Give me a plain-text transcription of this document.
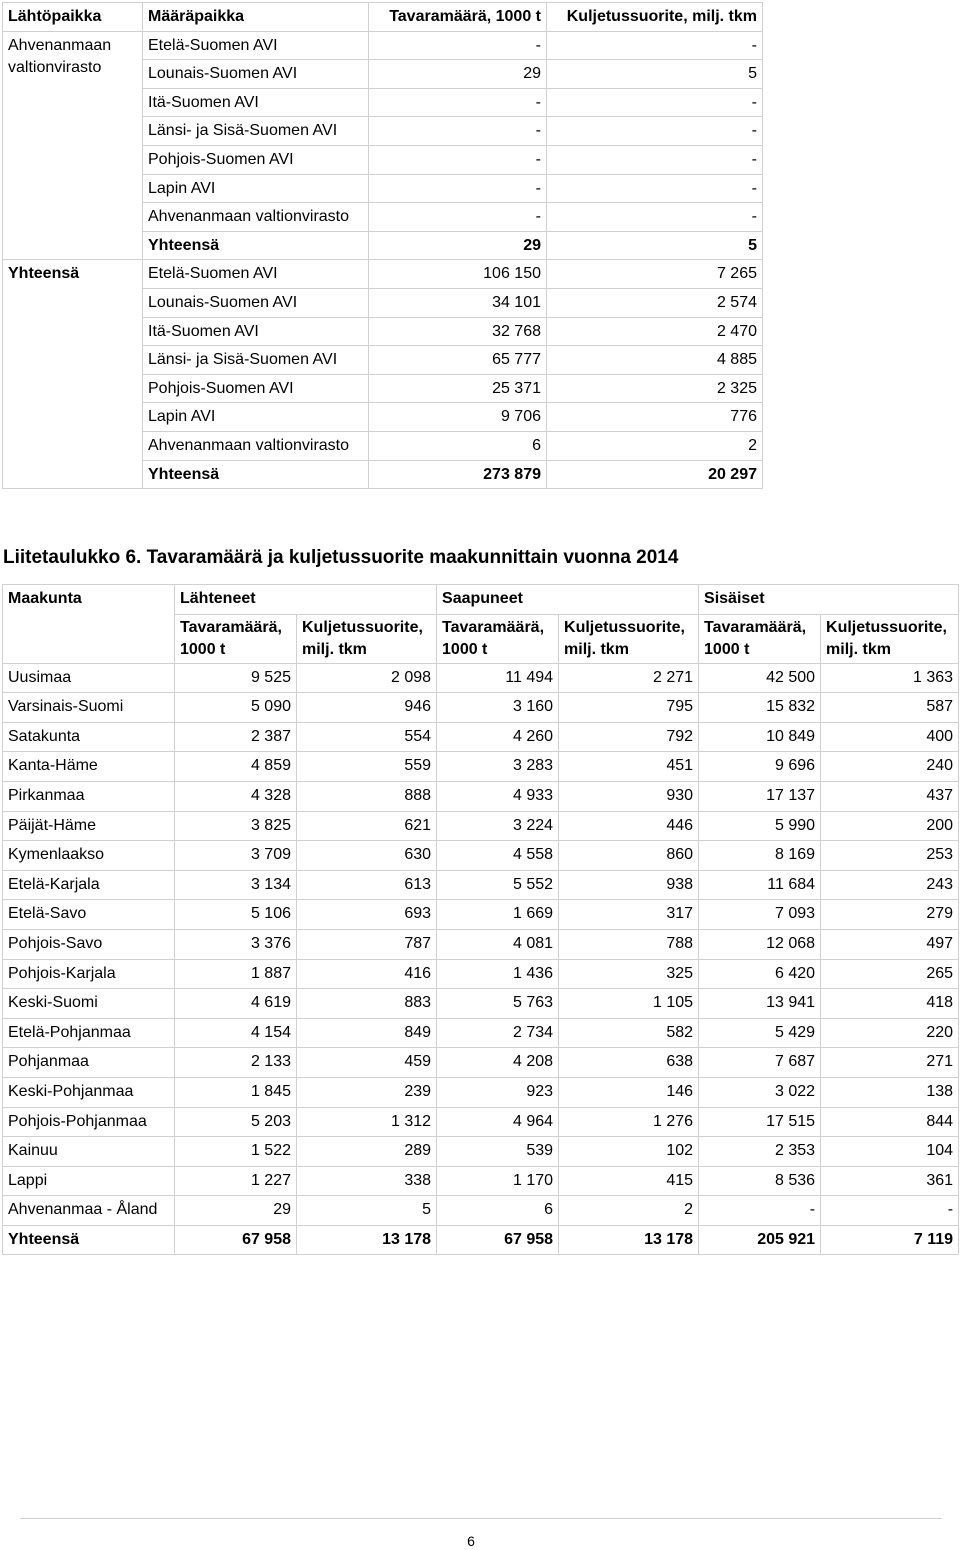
Lähtöpaikka	Määräpaikka	Tavaramäärä, 1000 t	Kuljetussuorite, milj. tkm
Ahvenanmaan valtionvirasto	Etelä-Suomen AVI	-	-
	Lounais-Suomen AVI	29	5
	Itä-Suomen AVI	-	-
	Länsi- ja Sisä-Suomen AVI	-	-
	Pohjois-Suomen AVI	-	-
	Lapin AVI	-	-
	Ahvenanmaan valtionvirasto	-	-
	Yhteensä	29	5
Yhteensä	Etelä-Suomen AVI	106 150	7 265
	Lounais-Suomen AVI	34 101	2 574
	Itä-Suomen AVI	32 768	2 470
	Länsi- ja Sisä-Suomen AVI	65 777	4 885
	Pohjois-Suomen AVI	25 371	2 325
	Lapin AVI	9 706	776
	Ahvenanmaan valtionvirasto	6	2
	Yhteensä	273 879	20 297
Liitetaulukko 6. Tavaramäärä ja kuljetussuorite maakunnittain vuonna 2014
Maakunta	Lähteneet		Saapuneet		Sisäiset	
	Tavaramäärä, 1000 t	Kuljetussuorite, milj. tkm	Tavaramäärä, 1000 t	Kuljetussuorite, milj. tkm	Tavaramäärä, 1000 t	Kuljetussuorite, milj. tkm
Uusimaa	9 525	2 098	11 494	2 271	42 500	1 363
Varsinais-Suomi	5 090	946	3 160	795	15 832	587
Satakunta	2 387	554	4 260	792	10 849	400
Kanta-Häme	4 859	559	3 283	451	9 696	240
Pirkanmaa	4 328	888	4 933	930	17 137	437
Päijät-Häme	3 825	621	3 224	446	5 990	200
Kymenlaakso	3 709	630	4 558	860	8 169	253
Etelä-Karjala	3 134	613	5 552	938	11 684	243
Etelä-Savo	5 106	693	1 669	317	7 093	279
Pohjois-Savo	3 376	787	4 081	788	12 068	497
Pohjois-Karjala	1 887	416	1 436	325	6 420	265
Keski-Suomi	4 619	883	5 763	1 105	13 941	418
Etelä-Pohjanmaa	4 154	849	2 734	582	5 429	220
Pohjanmaa	2 133	459	4 208	638	7 687	271
Keski-Pohjanmaa	1 845	239	923	146	3 022	138
Pohjois-Pohjanmaa	5 203	1 312	4 964	1 276	17 515	844
Kainuu	1 522	289	539	102	2 353	104
Lappi	1 227	338	1 170	415	8 536	361
Ahvenanmaa - Åland	29	5	6	2	-	-
Yhteensä	67 958	13 178	67 958	13 178	205 921	7 119
6
